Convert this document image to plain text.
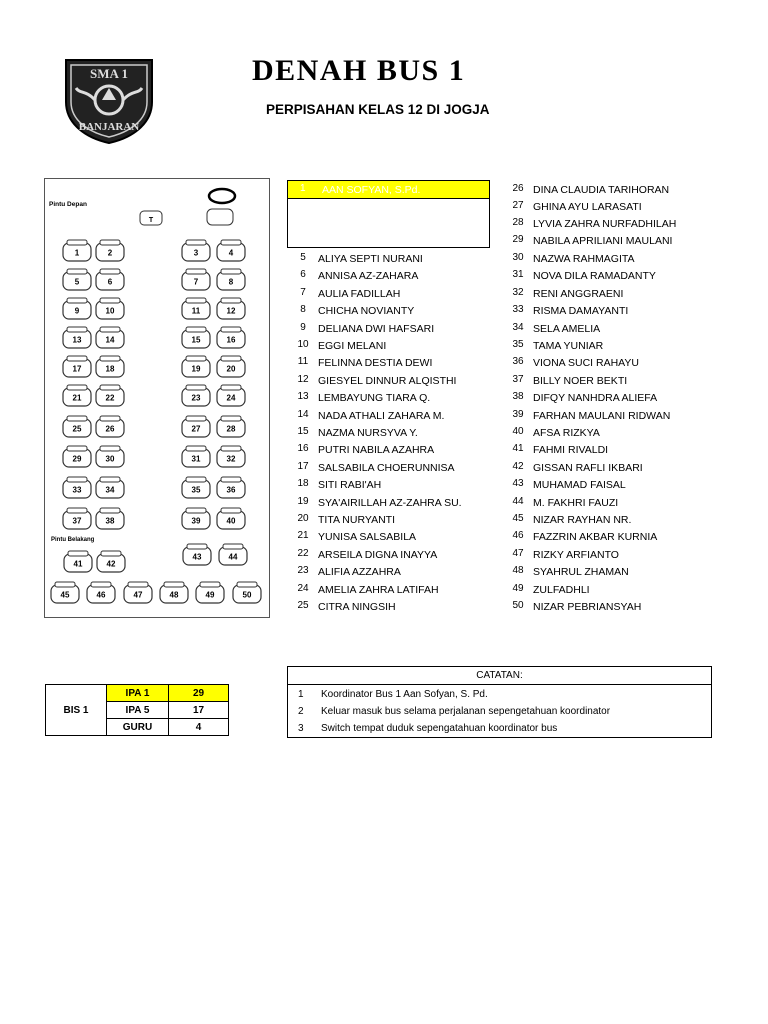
SMA 1
BANJARAN
DENAH BUS 1
PERPISAHAN KELAS 12 DI JOGJA
Pintu Depan
Pintu Belakang
T
1	2	3	4
5	6	7	8
9	10	11	12
13	14	15	16
17	18	19	20
21	22	23	24
25	26	27	28
29	30	31	32
33	34	35	36
37	38	39	40
41	42
43	44
45	46	47	48	49	50
1 AAN SOFYAN, S.Pd.
5	ALIYA SEPTI NURANI
6	ANNISA AZ-ZAHARA
7	AULIA FADILLAH
8	CHICHA NOVIANTY
9	DELIANA DWI HAFSARI
10 EGGI MELANI
11 FELINNA DESTIA DEWI
12 GIESYEL DINNUR ALQISTHI
13 LEMBAYUNG TIARA Q.
14 NADA ATHALI ZAHARA M.
15 NAZMA NURSYVA Y.
16 PUTRI NABILA AZAHRA
17 SALSABILA CHOERUNNISA
18 SITI RABI'AH
19 SYA'AIRILLAH AZ-ZAHRA SU.
20 TITA NURYANTI
21 YUNISA SALSABILA
22 ARSEILA DIGNA INAYYA
23 ALIFIA AZZAHRA
24 AMELIA ZAHRA LATIFAH
25 CITRA NINGSIH
26 DINA CLAUDIA TARIHORAN
27 GHINA AYU LARASATI
28 LYVIA ZAHRA NURFADHILAH
29 NABILA APRILIANI MAULANI
30 NAZWA RAHMAGITA
31 NOVA DILA RAMADANTY
32 RENI ANGGRAENI
33 RISMA DAMAYANTI
34 SELA AMELIA
35 TAMA YUNIAR
36 VIONA SUCI RAHAYU
37 BILLY NOER BEKTI
38 DIFQY NANHDRA ALIEFA
39 FARHAN MAULANI RIDWAN
40 AFSA RIZKYA
41 FAHMI RIVALDI
42 GISSAN RAFLI IKBARI
43 MUHAMAD FAISAL
44 M. FAKHRI FAUZI
45 NIZAR RAYHAN NR.
46 FAZZRIN AKBAR KURNIA
47 RIZKY ARFIANTO
48 SYAHRUL ZHAMAN
49 ZULFADHLI
50 NIZAR PEBRIANSYAH
BIS 1	IPA 1	29
	IPA 5	17
	GURU	4
CATATAN:
1 Koordinator Bus 1 Aan Sofyan, S. Pd.
2 Keluar masuk bus selama perjalanan sepengetahuan koordinator
3 Switch tempat duduk sepengatahuan koordinator bus
